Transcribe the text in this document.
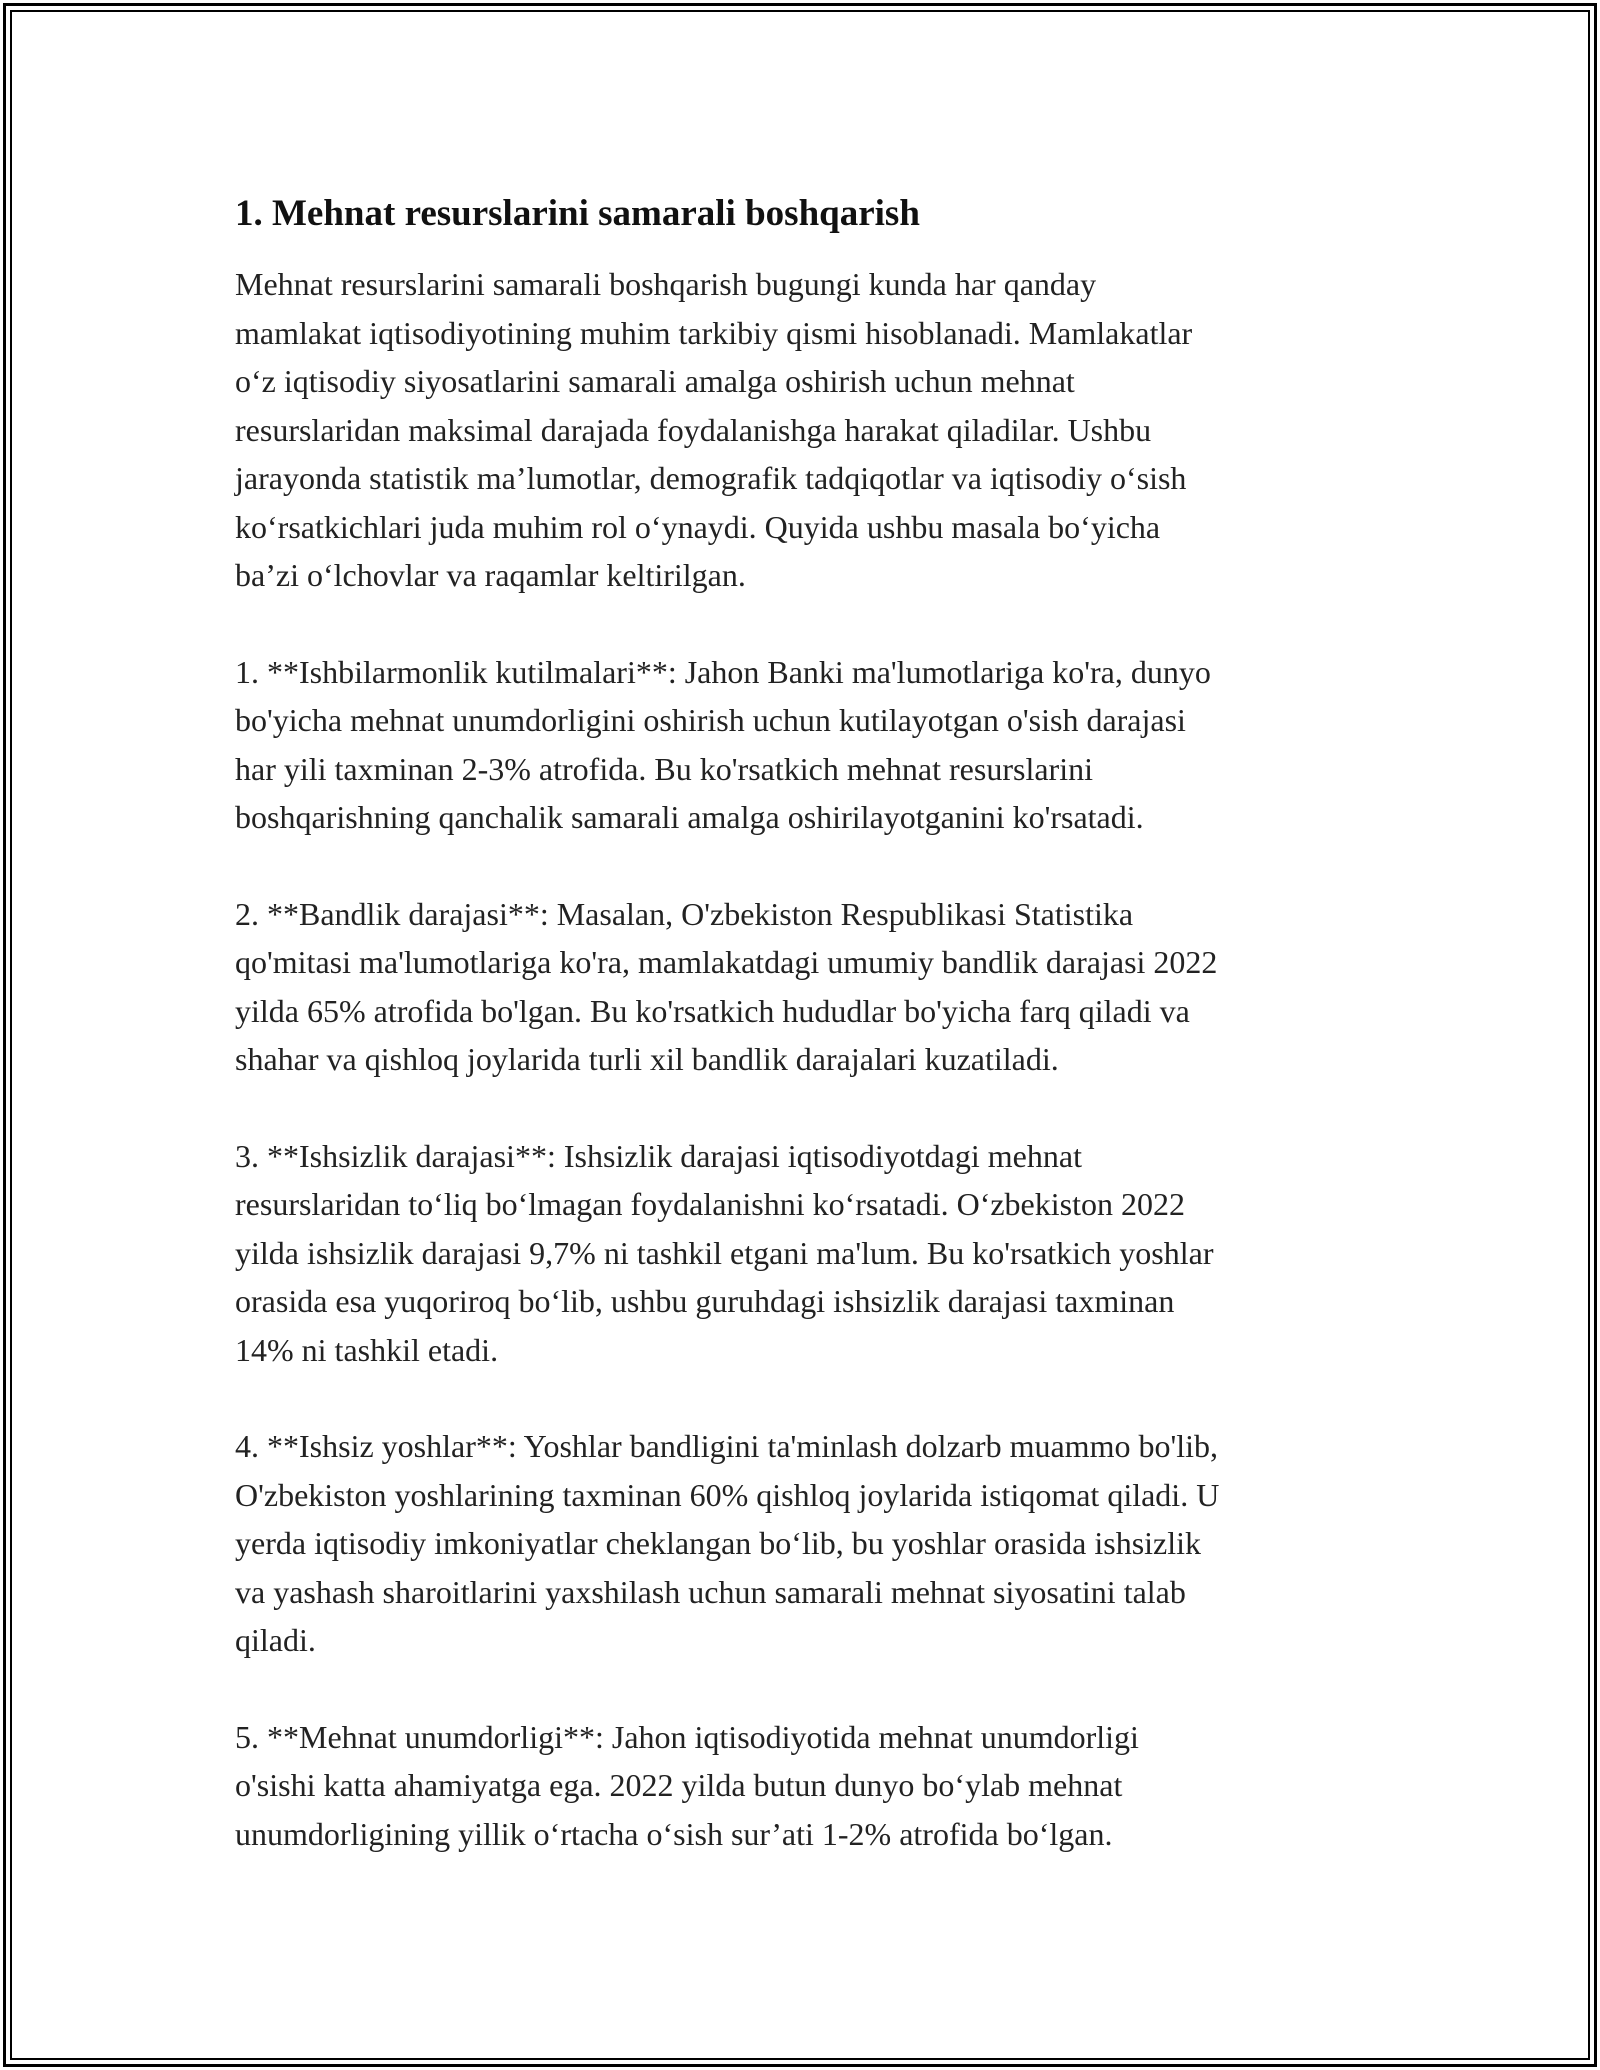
1. Mehnat resurslarini samarali boshqarish

Mehnat resurslarini samarali boshqarish bugungi kunda har qanday
mamlakat iqtisodiyotining muhim tarkibiy qismi hisoblanadi. Mamlakatlar
o‘z iqtisodiy siyosatlarini samarali amalga oshirish uchun mehnat
resurslaridan maksimal darajada foydalanishga harakat qiladilar. Ushbu
jarayonda statistik ma’lumotlar, demografik tadqiqotlar va iqtisodiy o‘sish
ko‘rsatkichlari juda muhim rol o‘ynaydi. Quyida ushbu masala bo‘yicha
ba’zi o‘lchovlar va raqamlar keltirilgan.

1. **Ishbilarmonlik kutilmalari**: Jahon Banki ma'lumotlariga ko'ra, dunyo
bo'yicha mehnat unumdorligini oshirish uchun kutilayotgan o'sish darajasi
har yili taxminan 2-3% atrofida. Bu ko'rsatkich mehnat resurslarini
boshqarishning qanchalik samarali amalga oshirilayotganini ko'rsatadi.

2. **Bandlik darajasi**: Masalan, O'zbekiston Respublikasi Statistika
qo'mitasi ma'lumotlariga ko'ra, mamlakatdagi umumiy bandlik darajasi 2022
yilda 65% atrofida bo'lgan. Bu ko'rsatkich hududlar bo'yicha farq qiladi va
shahar va qishloq joylarida turli xil bandlik darajalari kuzatiladi.

3. **Ishsizlik darajasi**: Ishsizlik darajasi iqtisodiyotdagi mehnat
resurslaridan to‘liq bo‘lmagan foydalanishni ko‘rsatadi. O‘zbekiston 2022
yilda ishsizlik darajasi 9,7% ni tashkil etgani ma'lum. Bu ko'rsatkich yoshlar
orasida esa yuqoriroq bo‘lib, ushbu guruhdagi ishsizlik darajasi taxminan
14% ni tashkil etadi.

4. **Ishsiz yoshlar**: Yoshlar bandligini ta'minlash dolzarb muammo bo'lib,
O'zbekiston yoshlarining taxminan 60% qishloq joylarida istiqomat qiladi. U
yerda iqtisodiy imkoniyatlar cheklangan bo‘lib, bu yoshlar orasida ishsizlik
va yashash sharoitlarini yaxshilash uchun samarali mehnat siyosatini talab
qiladi.

5. **Mehnat unumdorligi**: Jahon iqtisodiyotida mehnat unumdorligi
o'sishi katta ahamiyatga ega. 2022 yilda butun dunyo bo‘ylab mehnat
unumdorligining yillik o‘rtacha o‘sish sur’ati 1-2% atrofida bo‘lgan.
